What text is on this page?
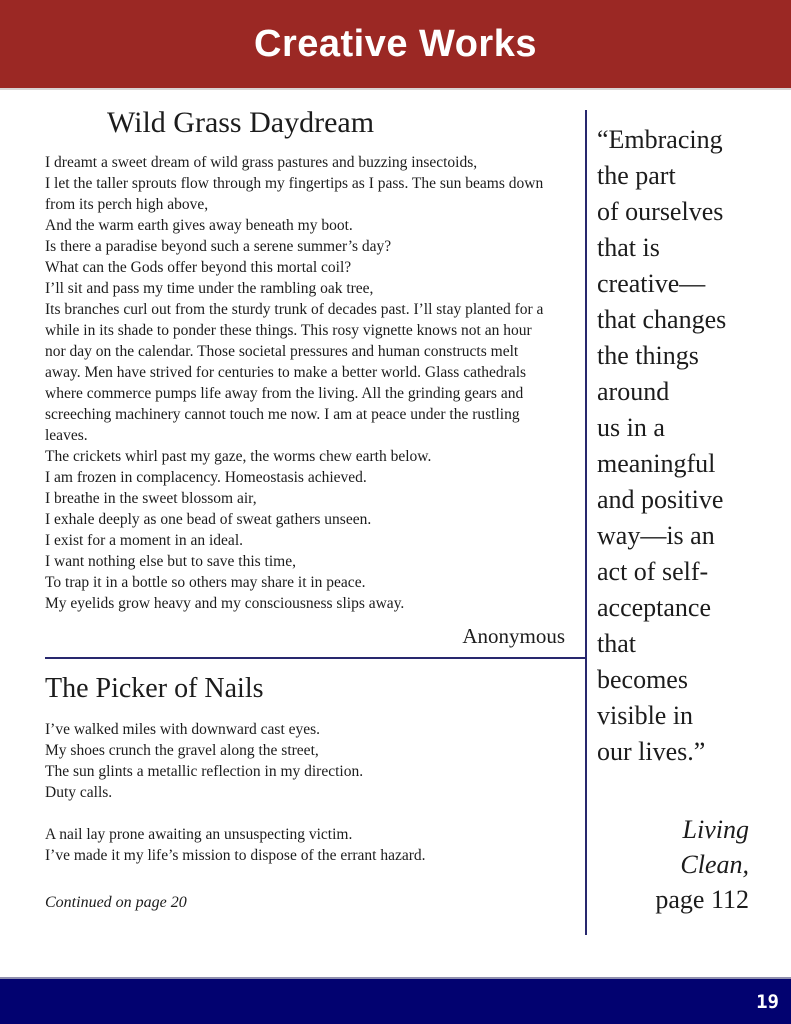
Creative Works
Wild Grass Daydream
I dreamt a sweet dream of wild grass pastures and buzzing insectoids,
I let the taller sprouts flow through my fingertips as I pass. The sun beams down from its perch high above,
And the warm earth gives away beneath my boot.
Is there a paradise beyond such a serene summer’s day?
What can the Gods offer beyond this mortal coil?
I’ll sit and pass my time under the rambling oak tree,
Its branches curl out from the sturdy trunk of decades past. I’ll stay planted for a while in its shade to ponder these things. This rosy vignette knows not an hour nor day on the calendar. Those societal pressures and human constructs melt away. Men have strived for centuries to make a better world. Glass cathedrals where commerce pumps life away from the living. All the grinding gears and screeching machinery cannot touch me now. I am at peace under the rustling leaves.
The crickets whirl past my gaze, the worms chew earth below.
I am frozen in complacency. Homeostasis achieved.
I breathe in the sweet blossom air,
I exhale deeply as one bead of sweat gathers unseen.
I exist for a moment in an ideal.
I want nothing else but to save this time,
To trap it in a bottle so others may share it in peace.
My eyelids grow heavy and my consciousness slips away.
Anonymous
The Picker of Nails
I’ve walked miles with downward cast eyes.
My shoes crunch the gravel along the street,
The sun glints a metallic reflection in my direction.
Duty calls.

A nail lay prone awaiting an unsuspecting victim.
I’ve made it my life’s mission to dispose of the errant hazard.
Continued on page 20
“Embracing
the part
of ourselves
that is
creative—
that changes
the things
around
us in a
meaningful
and positive
way—is an
act of self-
acceptance
that
becomes
visible in
our lives.”
Living
Clean,
page 112
19
